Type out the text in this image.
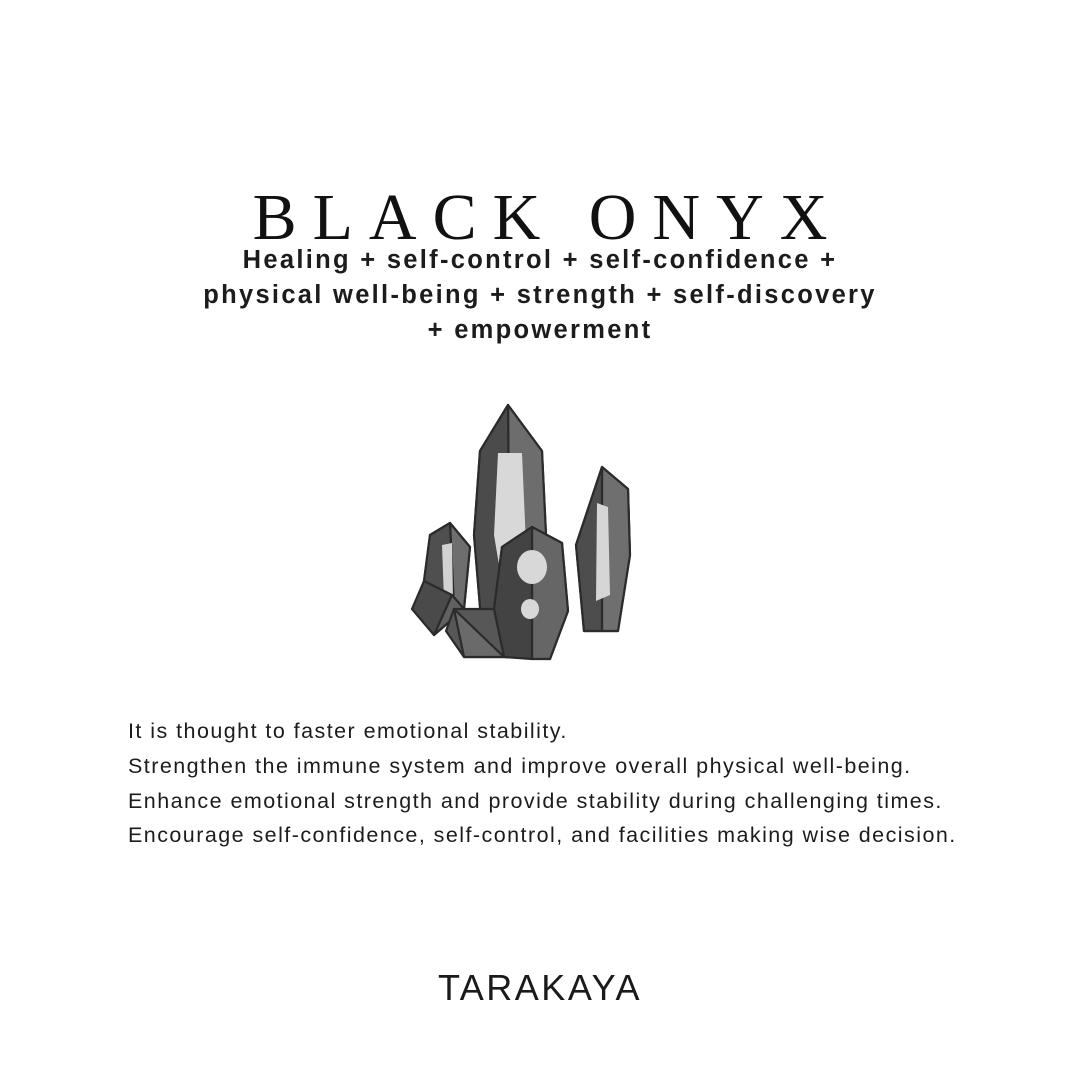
BLACK ONYX
Healing + self-control + self-confidence + physical well-being + strength + self-discovery + empowerment

It is thought to faster emotional stability.

Strengthen the immune system and improve overall physical well-being.

Enhance emotional strength and provide stability during challenging times.

Encourage self-confidence, self-control, and facilities making wise decision.

TARAKAYA
